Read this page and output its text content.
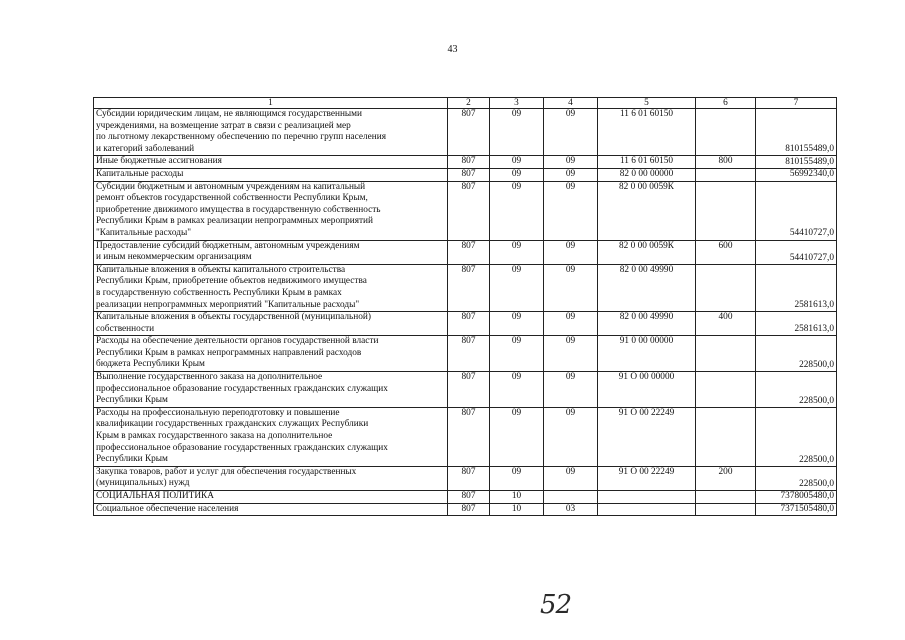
43
1	2	3	4	5	6	7

Субсидии юридическим лицам, не являющимся государственными
учреждениями, на возмещение затрат в связи с реализацией мер
по льготному лекарственному обеспечению по перечню групп населения
и категорий заболеваний	807	09	09	11 6 01 60150		810155489,0

Иные бюджетные ассигнования	807	09	09	11 6 01 60150	800	810155489,0

Капитальные расходы	807	09	09	82 0 00 00000		56992340,0

Субсидии бюджетным и автономным учреждениям на капитальный
ремонт объектов государственной собственности Республики Крым,
приобретение движимого имущества в государственную собственность
Республики Крым в рамках реализации непрограммных мероприятий
"Капитальные расходы"	807	09	09	82 0 00 0059К		54410727,0

Предоставление субсидий бюджетным, автономным учреждениям
и иным некоммерческим организациям	807	09	09	82 0 00 0059К	600	54410727,0

Капитальные вложения в объекты капитального строительства
Республики Крым, приобретение объектов недвижимого имущества
в государственную собственность Республики Крым в рамках
реализации непрограммных мероприятий "Капитальные расходы"	807	09	09	82 0 00 49990		2581613,0

Капитальные вложения в объекты государственной (муниципальной)
собственности	807	09	09	82 0 00 49990	400	2581613,0

Расходы на обеспечение деятельности органов государственной власти
Республики Крым в рамках непрограммных направлений расходов
бюджета Республики Крым	807	09	09	91 0 00 00000		228500,0

Выполнение государственного заказа на дополнительное
профессиональное образование государственных гражданских служащих
Республики Крым	807	09	09	91 О 00 00000		228500,0

Расходы на профессиональную переподготовку и повышение
квалификации государственных гражданских служащих Республики
Крым в рамках государственного заказа на дополнительное
профессиональное образование государственных гражданских служащих
Республики Крым	807	09	09	91 О 00 22249		228500,0

Закупка товаров, работ и услуг для обеспечения государственных
(муниципальных) нужд	807	09	09	91 О 00 22249	200	228500,0

СОЦИАЛЬНАЯ ПОЛИТИКА	807	10				7378005480,0

Социальное обеспечение населения	807	10	03			7371505480,0
52
